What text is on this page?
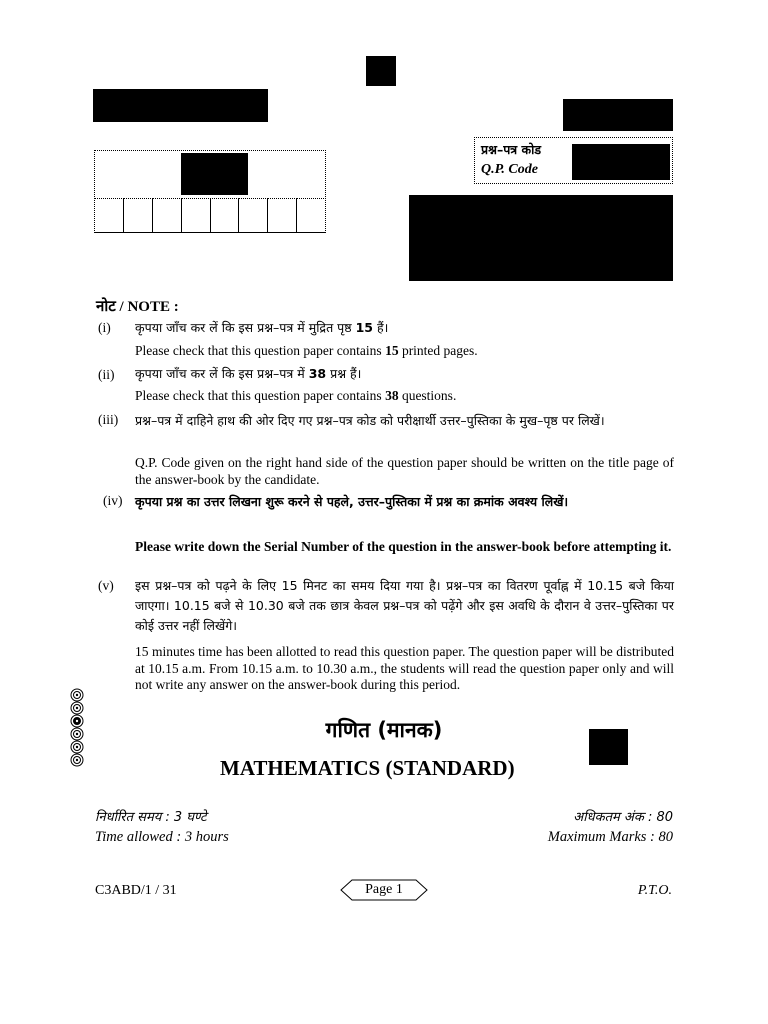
प्रश्न–पत्र कोड
Q.P. Code
नोट / NOTE :
(i) कृपया जाँच कर लें कि इस प्रश्न–पत्र में मुद्रित पृष्ठ 15 हैं।
Please check that this question paper contains 15 printed pages.
(ii) कृपया जाँच कर लें कि इस प्रश्न–पत्र में 38 प्रश्न हैं।
Please check that this question paper contains 38 questions.
(iii) प्रश्न–पत्र में दाहिने हाथ की ओर दिए गए प्रश्न–पत्र कोड को परीक्षार्थी उत्तर–पुस्तिका के मुख–पृष्ठ पर लिखें।
Q.P. Code given on the right hand side of the question paper should be written on the title page of the answer-book by the candidate.
(iv) कृपया प्रश्न का उत्तर लिखना शुरू करने से पहले, उत्तर–पुस्तिका में प्रश्न का क्रमांक अवश्य लिखें।
Please write down the Serial Number of the question in the answer-book before attempting it.
(v) इस प्रश्न–पत्र को पढ़ने के लिए 15 मिनट का समय दिया गया है। प्रश्न–पत्र का वितरण पूर्वाह्न में 10.15 बजे किया जाएगा। 10.15 बजे से 10.30 बजे तक छात्र केवल प्रश्न–पत्र को पढ़ेंगे और इस अवधि के दौरान वे उत्तर–पुस्तिका पर कोई उत्तर नहीं लिखेंगे।
15 minutes time has been allotted to read this question paper. The question paper will be distributed at 10.15 a.m. From 10.15 a.m. to 10.30 a.m., the students will read the question paper only and will not write any answer on the answer-book during this period.
गणित (मानक)
MATHEMATICS (STANDARD)
निर्धारित समय : 3 घण्टे
Time allowed : 3 hours
अधिकतम अंक : 80
Maximum Marks : 80
C3ABD/1 / 31	Page 1	P.T.O.
